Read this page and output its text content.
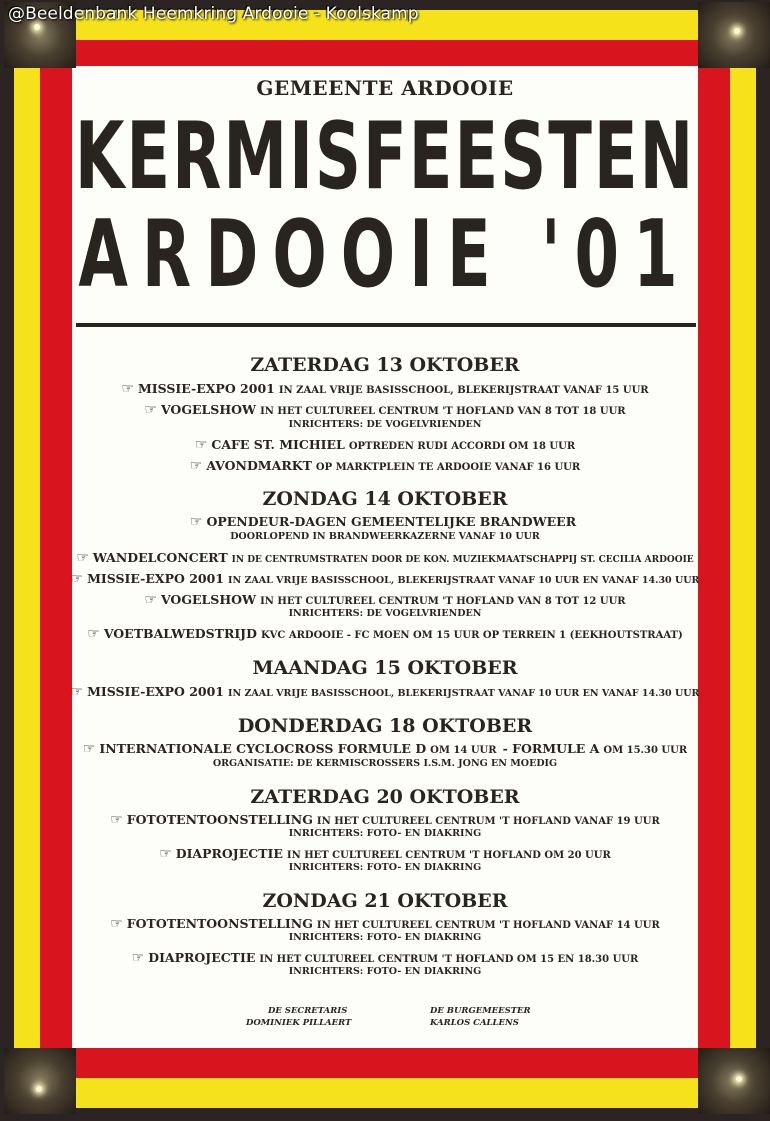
@Beeldenbank Heemkring Ardooie - Koolskamp
GEMEENTE ARDOOIE
KERMISFEESTEN
ARDOOIE '01
ZATERDAG 13 OKTOBER
☞ MISSIE-EXPO 2001 IN ZAAL VRIJE BASISSCHOOL, BLEKERIJSTRAAT VANAF 15 UUR
☞ VOGELSHOW IN HET CULTUREEL CENTRUM 'T HOFLAND VAN 8 TOT 18 UUR
INRICHTERS: DE VOGELVRIENDEN
☞ CAFE ST. MICHIEL OPTREDEN RUDI ACCORDI OM 18 UUR
☞ AVONDMARKT OP MARKTPLEIN TE ARDOOIE VANAF 16 UUR
ZONDAG 14 OKTOBER
☞ OPENDEUR-DAGEN GEMEENTELIJKE BRANDWEER
DOORLOPEND IN BRANDWEERKAZERNE VANAF 10 UUR
☞ WANDELCONCERT IN DE CENTRUMSTRATEN DOOR DE KON. MUZIEKMAATSCHAPPIJ ST. CECILIA ARDOOIE
☞ MISSIE-EXPO 2001 IN ZAAL VRIJE BASISSCHOOL, BLEKERIJSTRAAT VANAF 10 UUR EN VANAF 14.30 UUR
☞ VOGELSHOW IN HET CULTUREEL CENTRUM 'T HOFLAND VAN 8 TOT 12 UUR
INRICHTERS: DE VOGELVRIENDEN
☞ VOETBALWEDSTRIJD KVC ARDOOIE - FC MOEN OM 15 UUR OP TERREIN 1 (EEKHOUTSTRAAT)
MAANDAG 15 OKTOBER
☞ MISSIE-EXPO 2001 IN ZAAL VRIJE BASISSCHOOL, BLEKERIJSTRAAT VANAF 10 UUR EN VANAF 14.30 UUR
DONDERDAG 18 OKTOBER
☞ INTERNATIONALE CYCLOCROSS FORMULE D OM 14 UUR - FORMULE A OM 15.30 UUR
ORGANISATIE: DE KERMISCROSSERS I.S.M. JONG EN MOEDIG
ZATERDAG 20 OKTOBER
☞ FOTOTENTOONSTELLING IN HET CULTUREEL CENTRUM 'T HOFLAND VANAF 19 UUR
INRICHTERS: FOTO- EN DIAKRING
☞ DIAPROJECTIE IN HET CULTUREEL CENTRUM 'T HOFLAND OM 20 UUR
INRICHTERS: FOTO- EN DIAKRING
ZONDAG 21 OKTOBER
☞ FOTOTENTOONSTELLING IN HET CULTUREEL CENTRUM 'T HOFLAND VANAF 14 UUR
INRICHTERS: FOTO- EN DIAKRING
☞ DIAPROJECTIE IN HET CULTUREEL CENTRUM 'T HOFLAND OM 15 EN 18.30 UUR
INRICHTERS: FOTO- EN DIAKRING
DE SECRETARIS
DOMINIEK PILLAERT
DE BURGEMEESTER
KARLOS CALLENS
